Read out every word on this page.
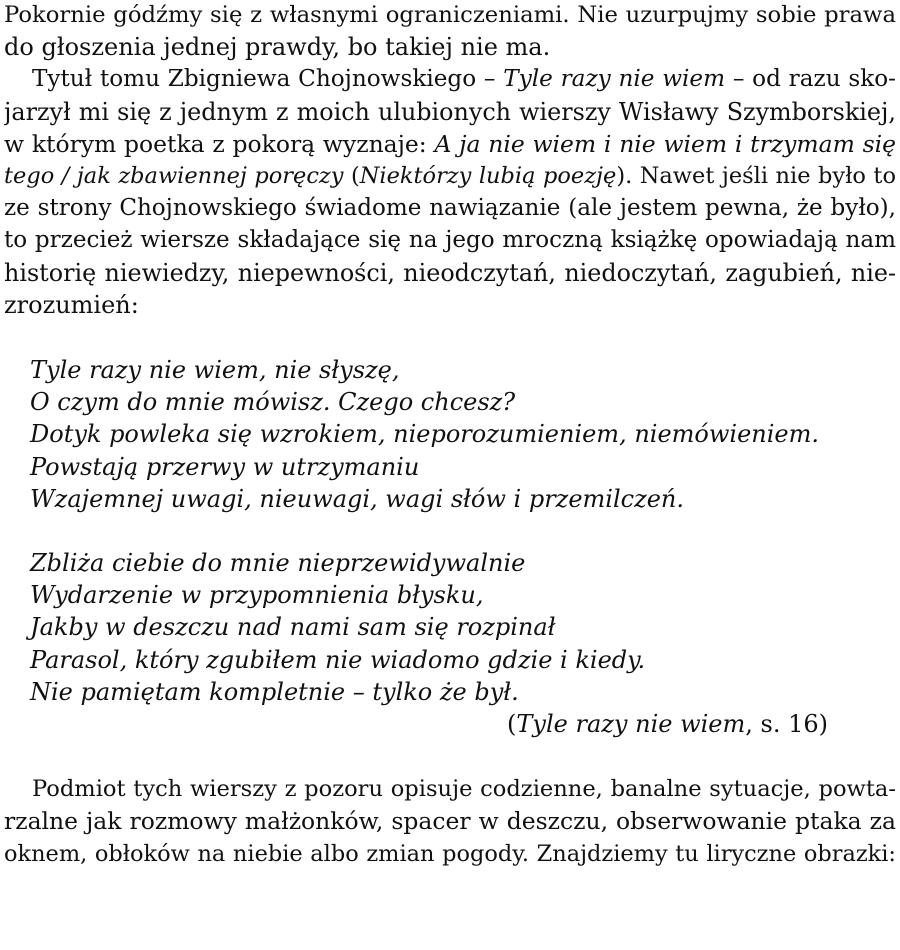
Pokornie gódźmy się z własnymi ograniczeniami. Nie uzurpujmy sobie prawa
do głoszenia jednej prawdy, bo takiej nie ma.
Tytuł tomu Zbigniewa Chojnowskiego – Tyle razy nie wiem – od razu sko-
jarzył mi się z jednym z moich ulubionych wierszy Wisławy Szymborskiej,
w którym poetka z pokorą wyznaje: A ja nie wiem i nie wiem i trzymam się
tego / jak zbawiennej poręczy (Niektórzy lubią poezję). Nawet jeśli nie było to
ze strony Chojnowskiego świadome nawiązanie (ale jestem pewna, że było),
to przecież wiersze składające się na jego mroczną książkę opowiadają nam
historię niewiedzy, niepewności, nieodczytań, niedoczytań, zagubień, nie-
zrozumień:
Tyle razy nie wiem, nie słyszę,
O czym do mnie mówisz. Czego chcesz?
Dotyk powleka się wzrokiem, nieporozumieniem, niemówieniem.
Powstają przerwy w utrzymaniu
Wzajemnej uwagi, nieuwagi, wagi słów i przemilczeń.
Zbliża ciebie do mnie nieprzewidywalnie
Wydarzenie w przypomnienia błysku,
Jakby w deszczu nad nami sam się rozpinał
Parasol, który zgubiłem nie wiadomo gdzie i kiedy.
Nie pamiętam kompletnie – tylko że był.
(Tyle razy nie wiem, s. 16)
Podmiot tych wierszy z pozoru opisuje codzienne, banalne sytuacje, powta-
rzalne jak rozmowy małżonków, spacer w deszczu, obserwowanie ptaka za
oknem, obłoków na niebie albo zmian pogody. Znajdziemy tu liryczne obrazki:
